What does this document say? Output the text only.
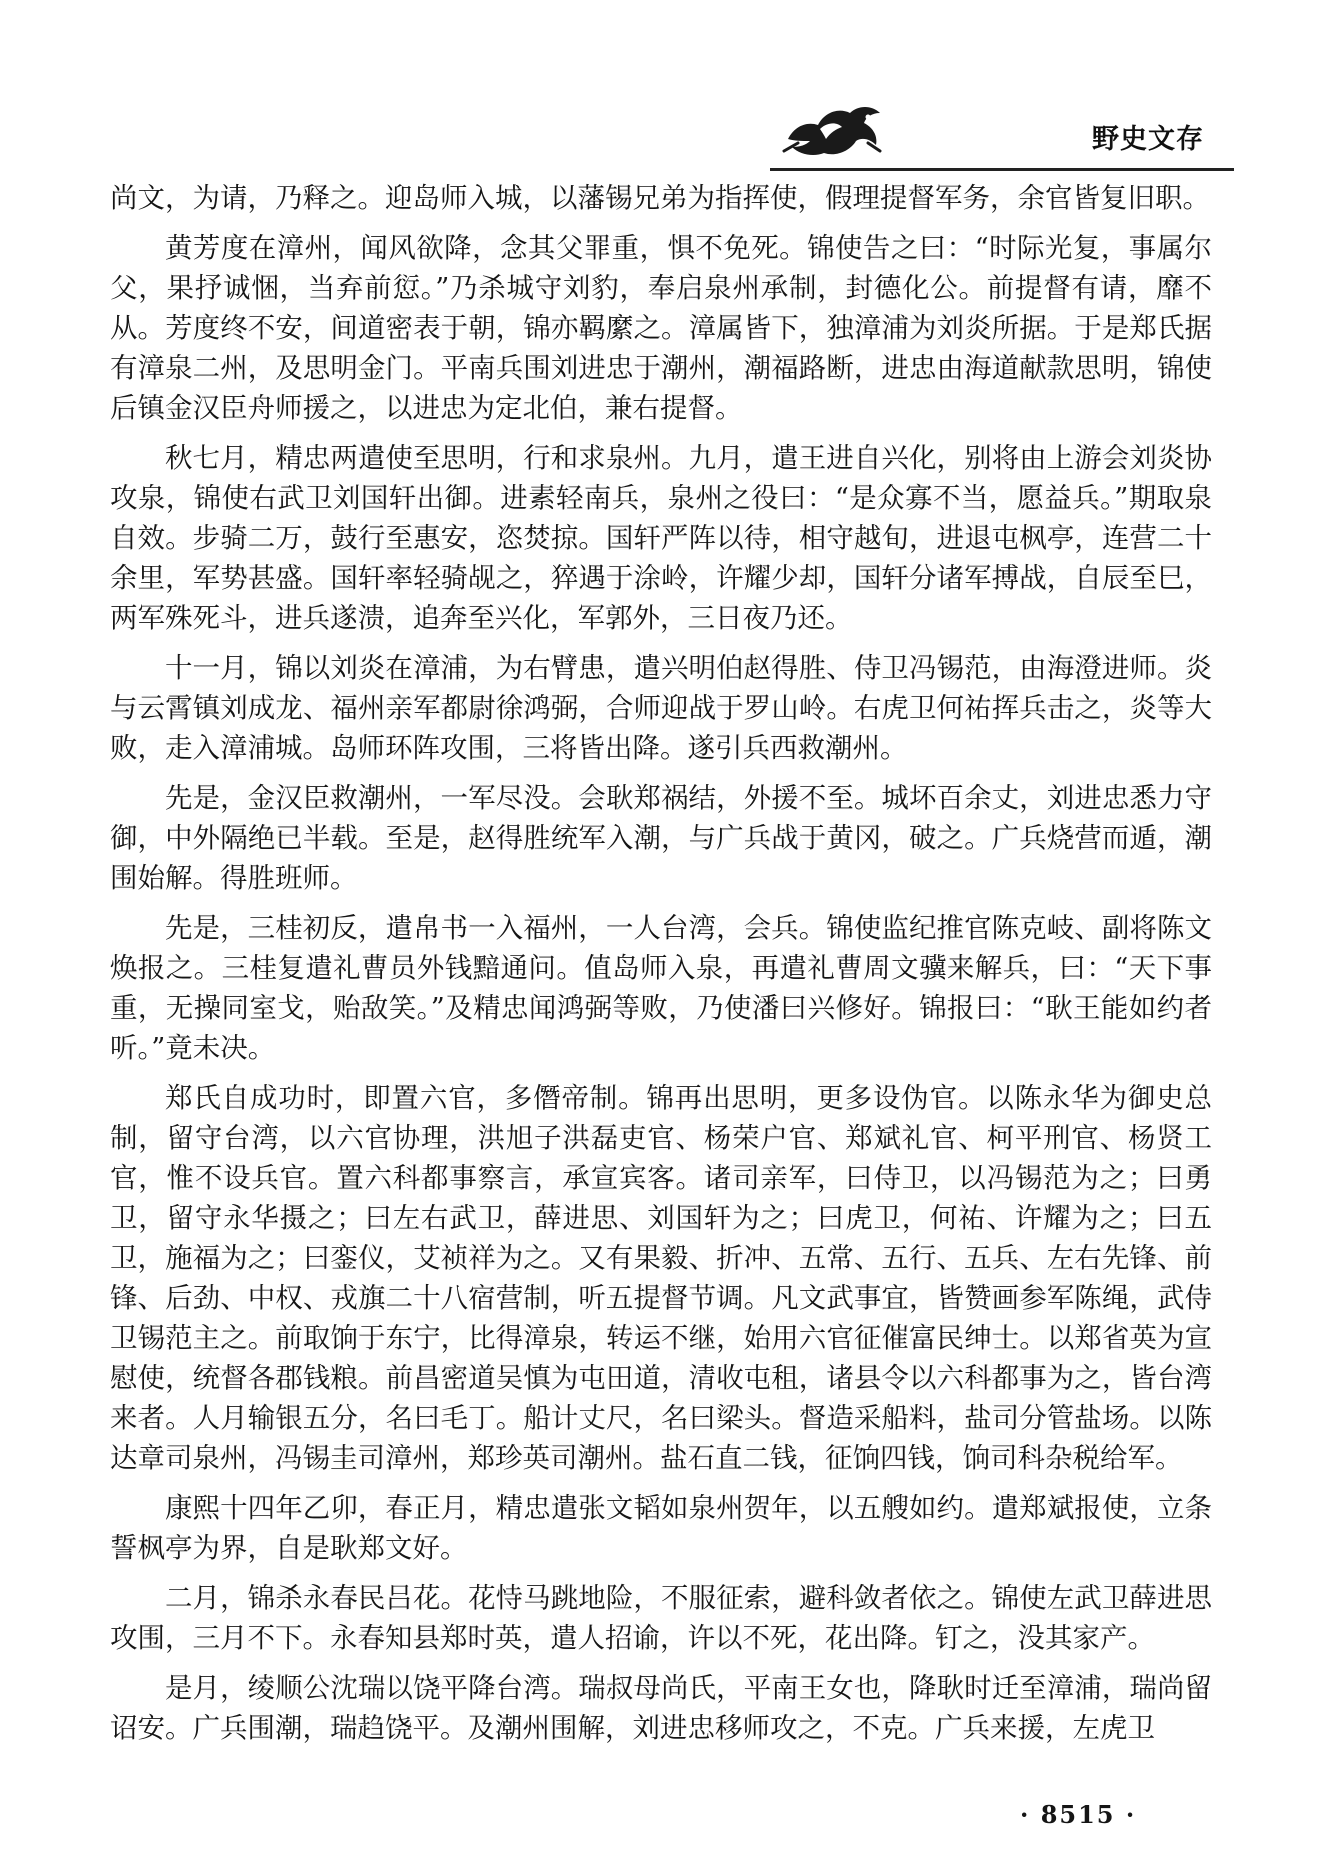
野史文存

尚文，为请，乃释之。迎岛师入城，以藩锡兄弟为指挥使，假理提督军务，余官皆复旧职。

黄芳度在漳州，闻风欲降，念其父罪重，惧不免死。锦使告之曰：“时际光复，事属尔父，果抒诚悃，当弃前愆。”乃杀城守刘豹，奉启泉州承制，封德化公。前提督有请，靡不从。芳度终不安，间道密表于朝，锦亦羁縻之。漳属皆下，独漳浦为刘炎所据。于是郑氏据有漳泉二州，及思明金门。平南兵围刘进忠于潮州，潮福路断，进忠由海道献款思明，锦使后镇金汉臣舟师援之，以进忠为定北伯，兼右提督。

秋七月，精忠两遣使至思明，行和求泉州。九月，遣王进自兴化，别将由上游会刘炎协攻泉，锦使右武卫刘国轩出御。进素轻南兵，泉州之役曰：“是众寡不当，愿益兵。”期取泉自效。步骑二万，鼓行至惠安，恣焚掠。国轩严阵以待，相守越旬，进退屯枫亭，连营二十余里，军势甚盛。国轩率轻骑觇之，猝遇于涂岭，许耀少却，国轩分诸军搏战，自辰至巳，两军殊死斗，进兵遂溃，追奔至兴化，军郭外，三日夜乃还。

十一月，锦以刘炎在漳浦，为右臂患，遣兴明伯赵得胜、侍卫冯锡范，由海澄进师。炎与云霄镇刘成龙、福州亲军都尉徐鸿弼，合师迎战于罗山岭。右虎卫何祐挥兵击之，炎等大败，走入漳浦城。岛师环阵攻围，三将皆出降。遂引兵西救潮州。

先是，金汉臣救潮州，一军尽没。会耿郑祸结，外援不至。城坏百余丈，刘进忠悉力守御，中外隔绝已半载。至是，赵得胜统军入潮，与广兵战于黄冈，破之。广兵烧营而遁，潮围始解。得胜班师。

先是，三桂初反，遣帛书一入福州，一人台湾，会兵。锦使监纪推官陈克岐、副将陈文焕报之。三桂复遣礼曹员外钱黯通问。值岛师入泉，再遣礼曹周文骥来解兵，曰：“天下事重，无操同室戈，贻敌笑。”及精忠闻鸿弼等败，乃使潘曰兴修好。锦报曰：“耿王能如约者听。”竟未决。

郑氏自成功时，即置六官，多僭帝制。锦再出思明，更多设伪官。以陈永华为御史总制，留守台湾，以六官协理，洪旭子洪磊吏官、杨荣户官、郑斌礼官、柯平刑官、杨贤工官，惟不设兵官。置六科都事察言，承宣宾客。诸司亲军，曰侍卫，以冯锡范为之；曰勇卫，留守永华摄之；曰左右武卫，薛进思、刘国轩为之；曰虎卫，何祐、许耀为之；曰五卫，施福为之；曰銮仪，艾祯祥为之。又有果毅、折冲、五常、五行、五兵、左右先锋、前锋、后劲、中权、戎旗二十八宿营制，听五提督节调。凡文武事宜，皆赞画参军陈绳，武侍卫锡范主之。前取饷于东宁，比得漳泉，转运不继，始用六官征催富民绅士。以郑省英为宣慰使，统督各郡钱粮。前昌密道吴慎为屯田道，清收屯租，诸县令以六科都事为之，皆台湾来者。人月输银五分，名曰毛丁。船计丈尺，名曰梁头。督造采船料，盐司分管盐场。以陈达章司泉州，冯锡圭司漳州，郑珍英司潮州。盐石直二钱，征饷四钱，饷司科杂税给军。

康熙十四年乙卯，春正月，精忠遣张文韬如泉州贺年，以五艘如约。遣郑斌报使，立条誓枫亭为界，自是耿郑文好。

二月，锦杀永春民吕花。花恃马跳地险，不服征索，避科敛者依之。锦使左武卫薛进思攻围，三月不下。永春知县郑时英，遣人招谕，许以不死，花出降。钉之，没其家产。

是月，绫顺公沈瑞以饶平降台湾。瑞叔母尚氏，平南王女也，降耿时迁至漳浦，瑞尚留诏安。广兵围潮，瑞趋饶平。及潮州围解，刘进忠移师攻之，不克。广兵来援，左虎卫

· 8515 ·
